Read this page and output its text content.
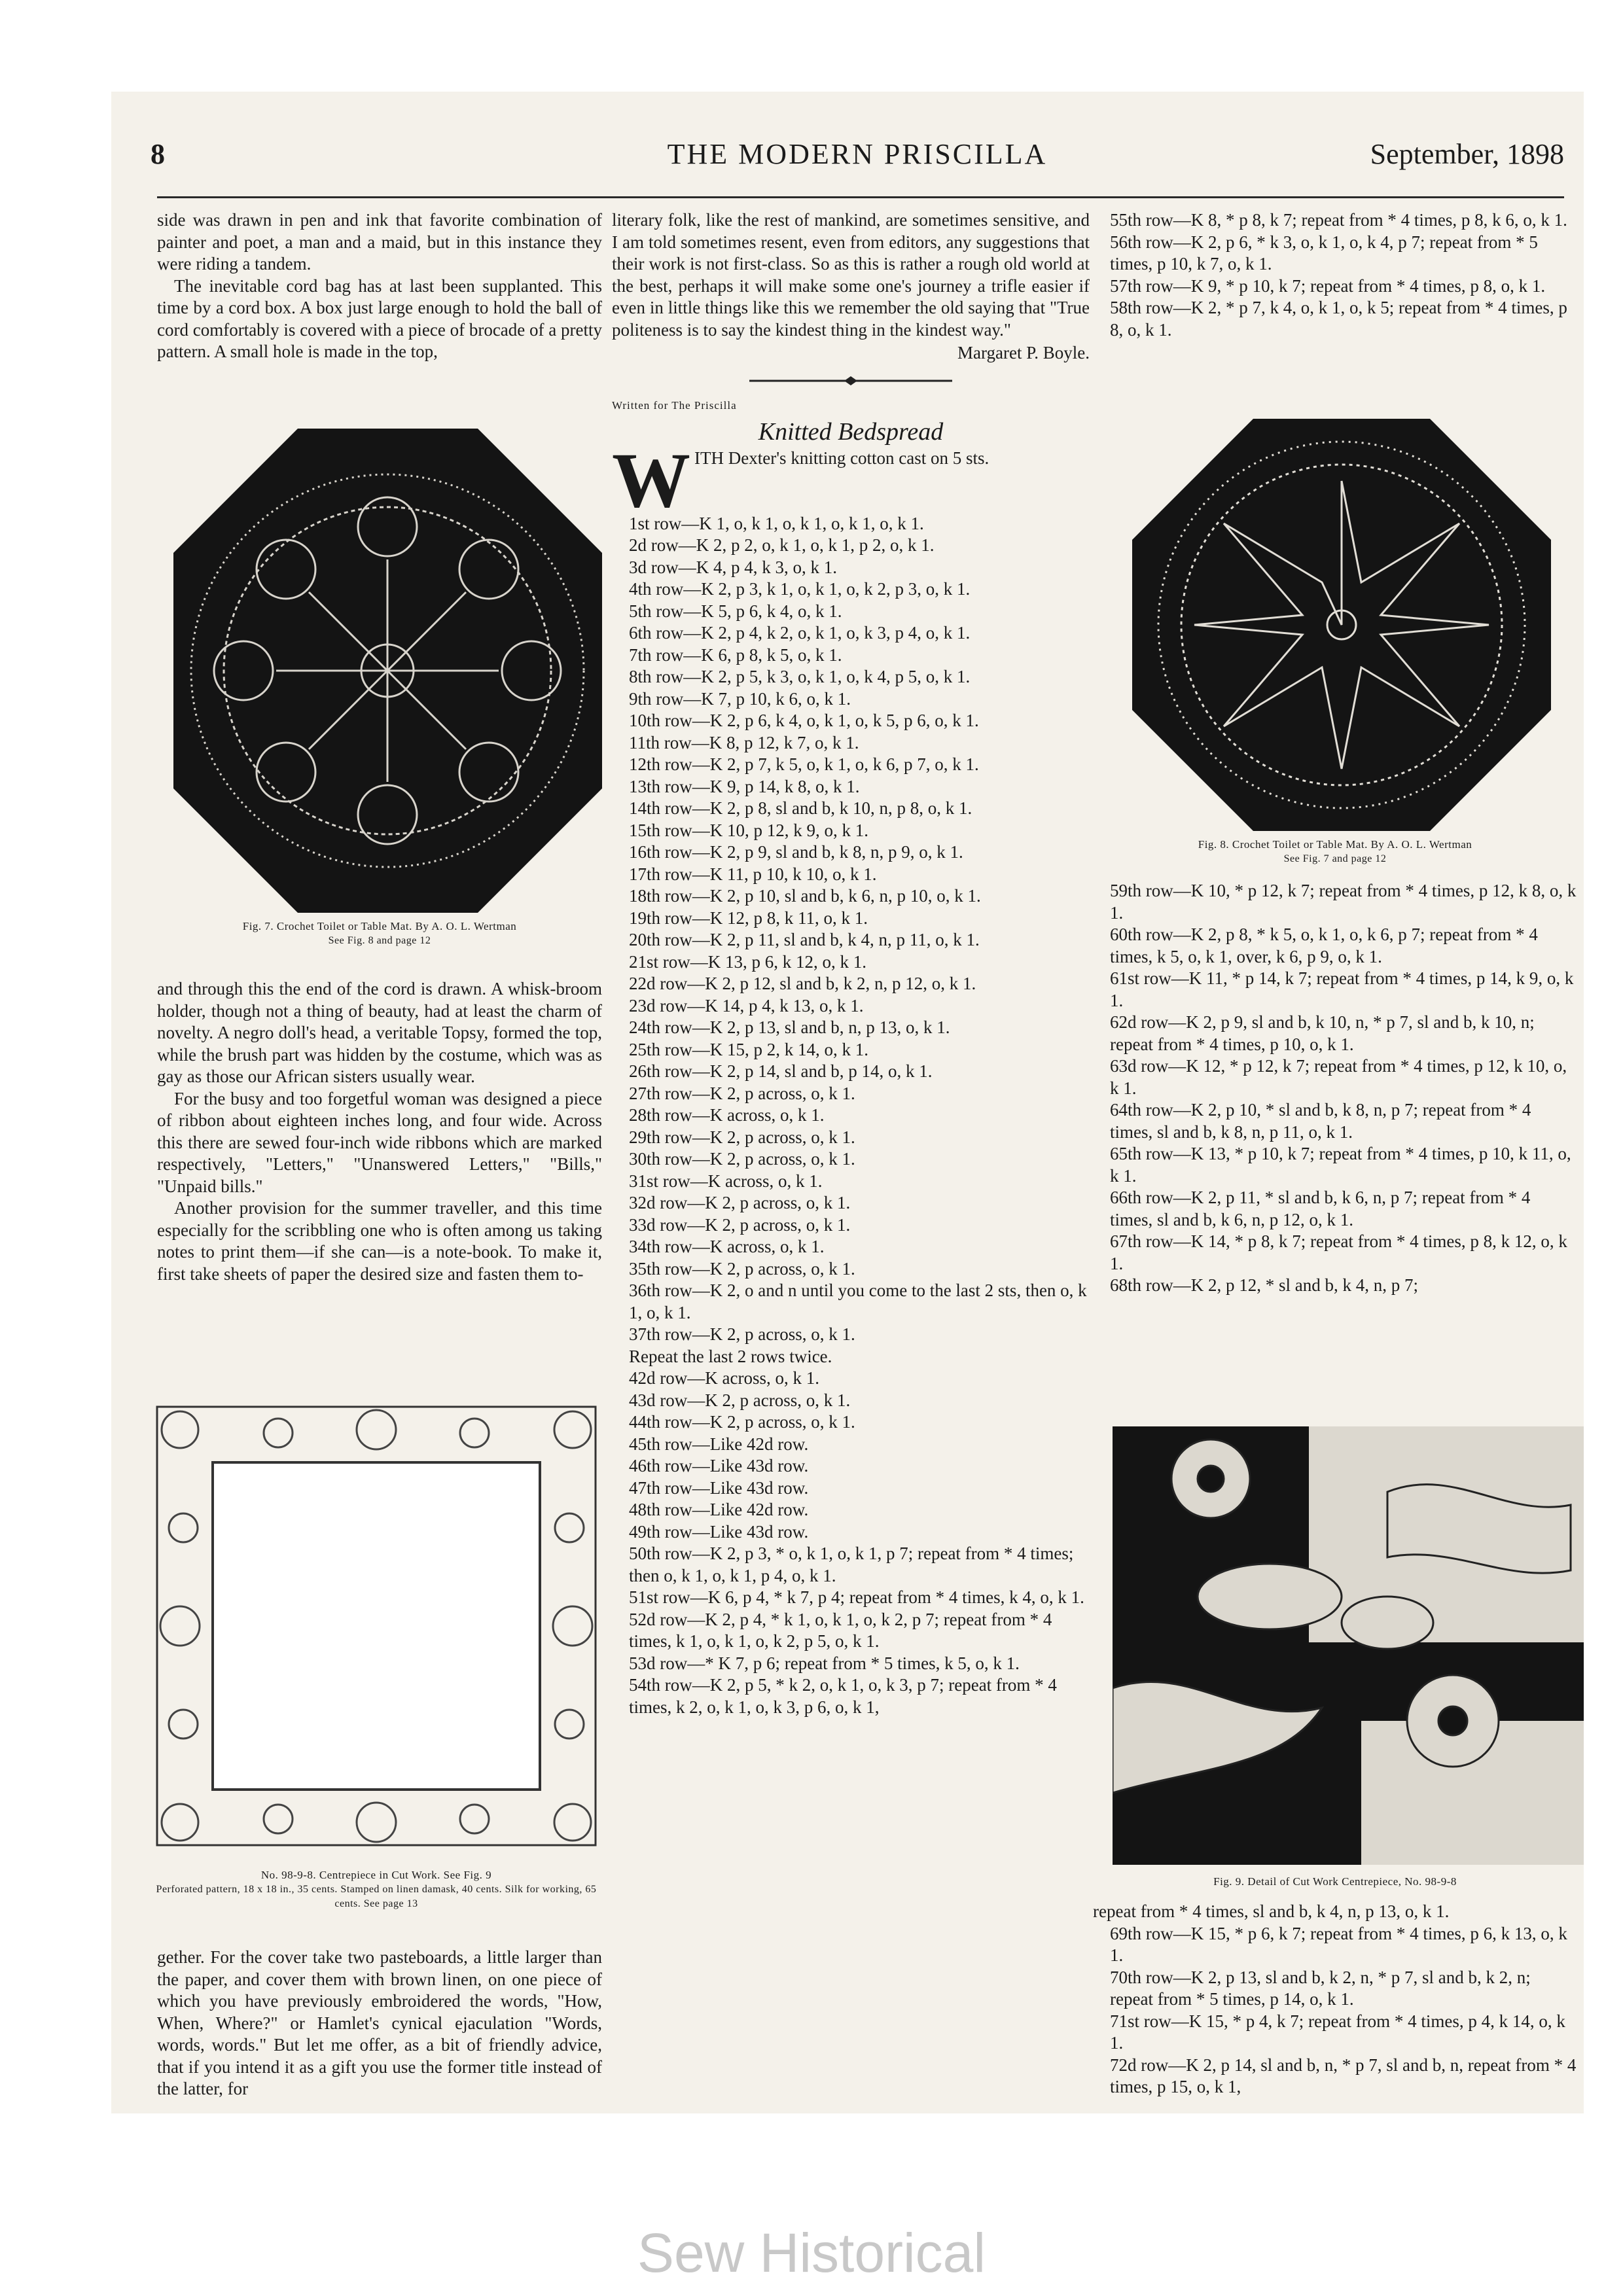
THE MODERN PRISCILLA
8	September, 1898

side was drawn in pen and ink that favorite combination of painter and poet, a man and a maid, but in this instance they were riding a tandem.

The inevitable cord bag has at last been supplanted. This time by a cord box. A box just large enough to hold the ball of cord comfortably is covered with a piece of brocade of a pretty pattern. A small hole is made in the top,

Fig. 7. Crochet Toilet or Table Mat. By A. O. L. Wertman
See Fig. 8 and page 12

and through this the end of the cord is drawn. A whisk-broom holder, though not a thing of beauty, had at least the charm of novelty. A negro doll's head, a veritable Topsy, formed the top, while the brush part was hidden by the costume, which was as gay as those our African sisters usually wear.

For the busy and too forgetful woman was designed a piece of ribbon about eighteen inches long, and four wide. Across this there are sewed four-inch wide ribbons which are marked respectively, "Letters," "Unanswered Letters," "Bills," "Unpaid bills."

Another provision for the summer traveller, and this time especially for the scribbling one who is often among us taking notes to print them—if she can—is a note-book. To make it, first take sheets of paper the desired size and fasten them to-

No. 98-9-8. Centrepiece in Cut Work. See Fig. 9
Perforated pattern, 18 x 18 in., 35 cents. Stamped on linen damask, 40 cents. Silk for working, 65 cents. See page 13

gether. For the cover take two pasteboards, a little larger than the paper, and cover them with brown linen, on one piece of which you have previously embroidered the words, "How, When, Where?" or Hamlet's cynical ejaculation "Words, words, words." But let me offer, as a bit of friendly advice, that if you intend it as a gift you use the former title instead of the latter, for

literary folk, like the rest of mankind, are sometimes sensitive, and I am told sometimes resent, even from editors, any suggestions that their work is not first-class. So as this is rather a rough old world at the best, perhaps it will make some one's journey a trifle easier if even in little things like this we remember the old saying that "True politeness is to say the kindest thing in the kindest way."

Margaret P. Boyle.
Written for The Priscilla
Knitted Bedspread
W ITH Dexter's knitting cotton cast on 5 sts.

1st row—K 1, o, k 1, o, k 1, o, k 1, o, k 1.

2d row—K 2, p 2, o, k 1, o, k 1, p 2, o, k 1.

3d row—K 4, p 4, k 3, o, k 1.

4th row—K 2, p 3, k 1, o, k 1, o, k 2, p 3, o, k 1.

5th row—K 5, p 6, k 4, o, k 1.

6th row—K 2, p 4, k 2, o, k 1, o, k 3, p 4, o, k 1.

7th row—K 6, p 8, k 5, o, k 1.

8th row—K 2, p 5, k 3, o, k 1, o, k 4, p 5, o, k 1.

9th row—K 7, p 10, k 6, o, k 1.

10th row—K 2, p 6, k 4, o, k 1, o, k 5, p 6, o, k 1.

11th row—K 8, p 12, k 7, o, k 1.

12th row—K 2, p 7, k 5, o, k 1, o, k 6, p 7, o, k 1.

13th row—K 9, p 14, k 8, o, k 1.

14th row—K 2, p 8, sl and b, k 10, n, p 8, o, k 1.

15th row—K 10, p 12, k 9, o, k 1.

16th row—K 2, p 9, sl and b, k 8, n, p 9, o, k 1.

17th row—K 11, p 10, k 10, o, k 1.

18th row—K 2, p 10, sl and b, k 6, n, p 10, o, k 1.

19th row—K 12, p 8, k 11, o, k 1.

20th row—K 2, p 11, sl and b, k 4, n, p 11, o, k 1.

21st row—K 13, p 6, k 12, o, k 1.

22d row—K 2, p 12, sl and b, k 2, n, p 12, o, k 1.

23d row—K 14, p 4, k 13, o, k 1.

24th row—K 2, p 13, sl and b, n, p 13, o, k 1.

25th row—K 15, p 2, k 14, o, k 1.

26th row—K 2, p 14, sl and b, p 14, o, k 1.

27th row—K 2, p across, o, k 1.

28th row—K across, o, k 1.

29th row—K 2, p across, o, k 1.

30th row—K 2, p across, o, k 1.

31st row—K across, o, k 1.

32d row—K 2, p across, o, k 1.

33d row—K 2, p across, o, k 1.

34th row—K across, o, k 1.

35th row—K 2, p across, o, k 1.

36th row—K 2, o and n until you come to the last 2 sts, then o, k 1, o, k 1.

37th row—K 2, p across, o, k 1.

Repeat the last 2 rows twice.

42d row—K across, o, k 1.

43d row—K 2, p across, o, k 1.

44th row—K 2, p across, o, k 1.

45th row—Like 42d row.

46th row—Like 43d row.

47th row—Like 43d row.

48th row—Like 42d row.

49th row—Like 43d row.

50th row—K 2, p 3, * o, k 1, o, k 1, p 7; repeat from * 4 times; then o, k 1, o, k 1, p 4, o, k 1.

51st row—K 6, p 4, * k 7, p 4; repeat from * 4 times, k 4, o, k 1.

52d row—K 2, p 4, * k 1, o, k 1, o, k 2, p 7; repeat from * 4 times, k 1, o, k 1, o, k 2, p 5, o, k 1.

53d row—* K 7, p 6; repeat from * 5 times, k 5, o, k 1.

54th row—K 2, p 5, * k 2, o, k 1, o, k 3, p 7; repeat from * 4 times, k 2, o, k 1, o, k 3, p 6, o, k 1,

55th row—K 8, * p 8, k 7; repeat from * 4 times, p 8, k 6, o, k 1.

56th row—K 2, p 6, * k 3, o, k 1, o, k 4, p 7; repeat from * 5 times, p 10, k 7, o, k 1.

57th row—K 9, * p 10, k 7; repeat from * 4 times, p 8, o, k 1.

58th row—K 2, * p 7, k 4, o, k 1, o, k 5; repeat from * 4 times, p 8, o, k 1.

Fig. 8. Crochet Toilet or Table Mat. By A. O. L. Wertman
See Fig. 7 and page 12

59th row—K 10, * p 12, k 7; repeat from * 4 times, p 12, k 8, o, k 1.

60th row—K 2, p 8, * k 5, o, k 1, o, k 6, p 7; repeat from * 4 times, k 5, o, k 1, over, k 6, p 9, o, k 1.

61st row—K 11, * p 14, k 7; repeat from * 4 times, p 14, k 9, o, k 1.

62d row—K 2, p 9, sl and b, k 10, n, * p 7, sl and b, k 10, n; repeat from * 4 times, p 10, o, k 1.

63d row—K 12, * p 12, k 7; repeat from * 4 times, p 12, k 10, o, k 1.

64th row—K 2, p 10, * sl and b, k 8, n, p 7; repeat from * 4 times, sl and b, k 8, n, p 11, o, k 1.

65th row—K 13, * p 10, k 7; repeat from * 4 times, p 10, k 11, o, k 1.

66th row—K 2, p 11, * sl and b, k 6, n, p 7; repeat from * 4 times, sl and b, k 6, n, p 12, o, k 1.

67th row—K 14, * p 8, k 7; repeat from * 4 times, p 8, k 12, o, k 1.

68th row—K 2, p 12, * sl and b, k 4, n, p 7;

Fig. 9. Detail of Cut Work Centrepiece, No. 98-9-8

repeat from * 4 times, sl and b, k 4, n, p 13, o, k 1.

69th row—K 15, * p 6, k 7; repeat from * 4 times, p 6, k 13, o, k 1.

70th row—K 2, p 13, sl and b, k 2, n, * p 7, sl and b, k 2, n; repeat from * 5 times, p 14, o, k 1.

71st row—K 15, * p 4, k 7; repeat from * 4 times, p 4, k 14, o, k 1.

72d row—K 2, p 14, sl and b, n, * p 7, sl and b, n, repeat from * 4 times, p 15, o, k 1,

Sew Historical
